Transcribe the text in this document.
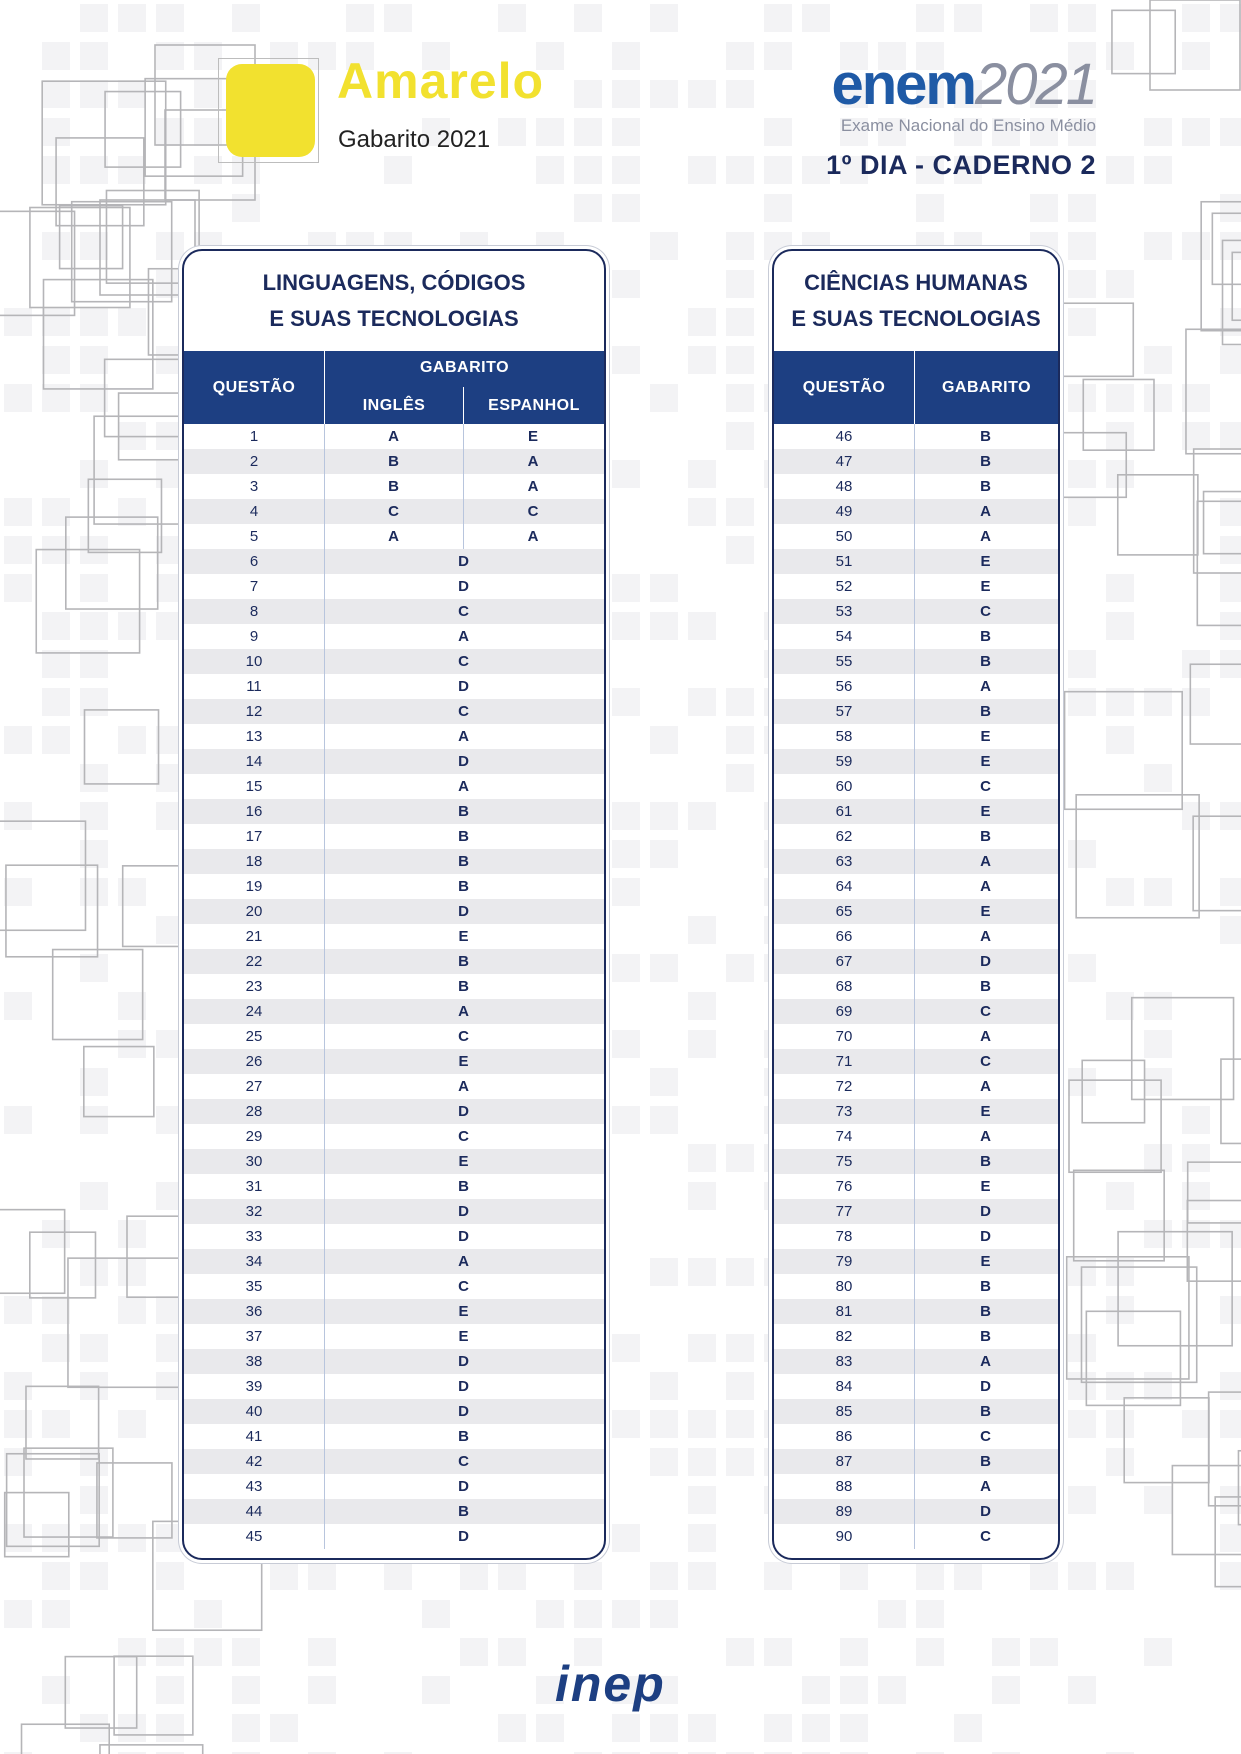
Amarelo
Gabarito 2021
enem2021
Exame Nacional do Ensino Médio
1º DIA - CADERNO 2
LINGUAGENS, CÓDIGOS
E SUAS TECNOLOGIAS
QUESTÃO
GABARITO
INGLÊS	ESPANHOL
1	A	E
2	B	A
3	B	A
4	C	C
5	A	A
6	D
7	D
8	C
9	A
10	C
11	D
12	C
13	A
14	D
15	A
16	B
17	B
18	B
19	B
20	D
21	E
22	B
23	B
24	A
25	C
26	E
27	A
28	D
29	C
30	E
31	B
32	D
33	D
34	A
35	C
36	E
37	E
38	D
39	D
40	D
41	B
42	C
43	D
44	B
45	D
CIÊNCIAS HUMANAS
E SUAS TECNOLOGIAS
QUESTÃO	GABARITO
46	B
47	B
48	B
49	A
50	A
51	E
52	E
53	C
54	B
55	B
56	A
57	B
58	E
59	E
60	C
61	E
62	B
63	A
64	A
65	E
66	A
67	D
68	B
69	C
70	A
71	C
72	A
73	E
74	A
75	B
76	E
77	D
78	D
79	E
80	B
81	B
82	B
83	A
84	D
85	B
86	C
87	B
88	A
89	D
90	C
inep
